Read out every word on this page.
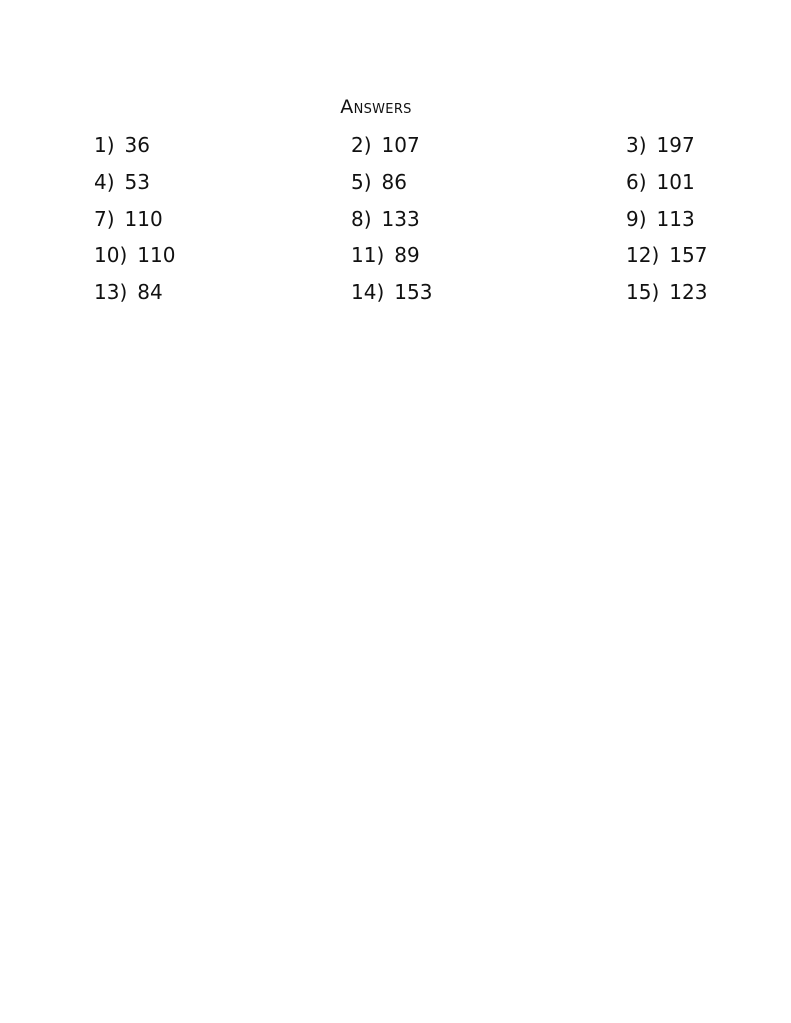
Answers
1) 36	2) 107	3) 197
4) 53	5) 86	6) 101
7) 110	8) 133	9) 113
10) 110	11) 89	12) 157
13) 84	14) 153	15) 123
